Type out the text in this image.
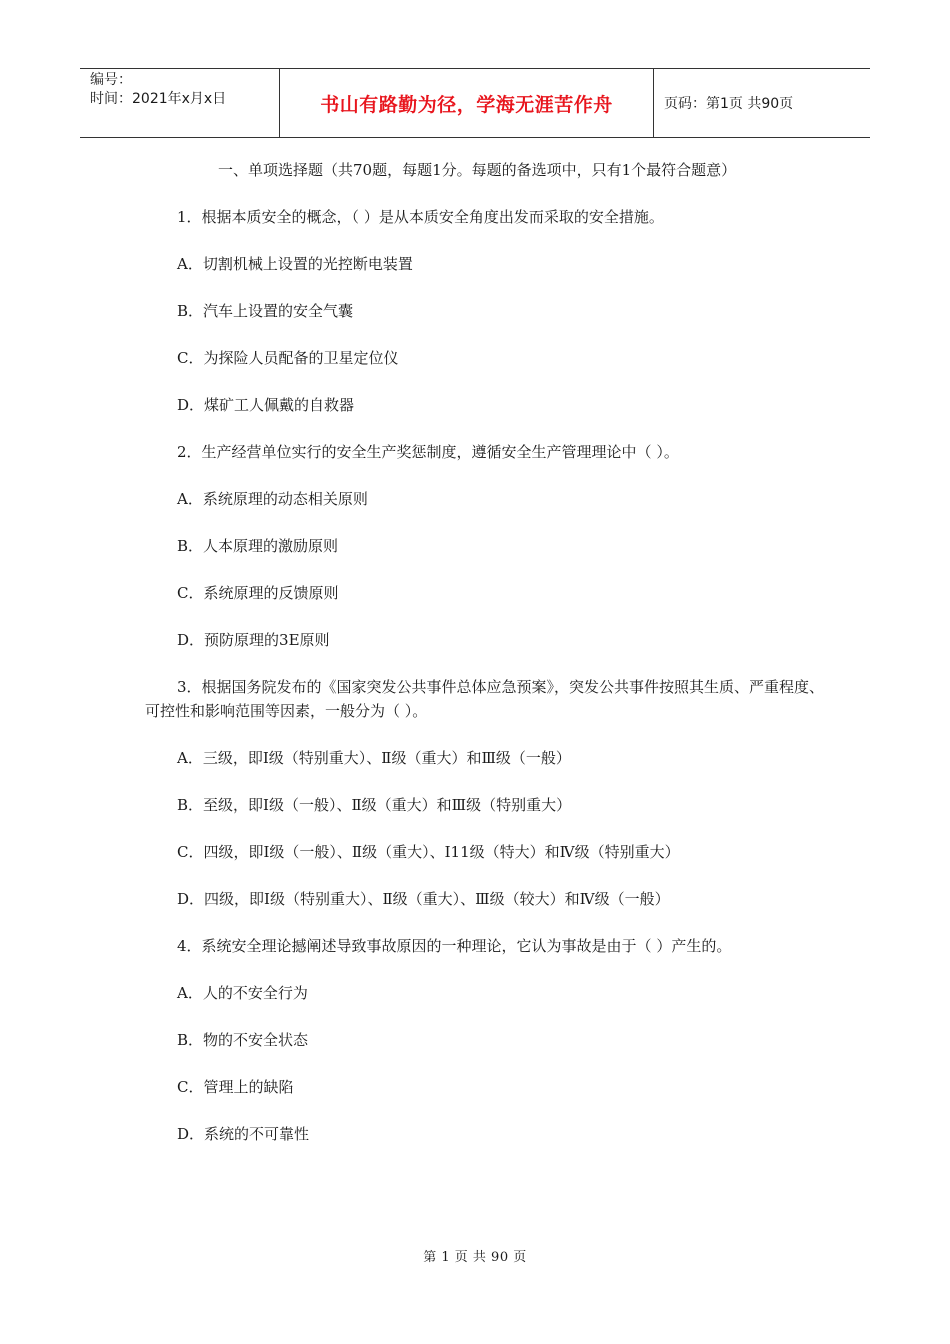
编号：
时间：2021年x月x日	书山有路勤为径，学海无涯苦作舟	页码：第1页 共90页

一、单项选择题（共70题，每题1分。每题的备选项中，只有1个最符合题意）

1．根据本质安全的概念，（ ）是从本质安全角度出发而采取的安全措施。

A．切割机械上设置的光控断电装置

B．汽车上设置的安全气囊

C．为探险人员配备的卫星定位仪

D．煤矿工人佩戴的自救器

2．生产经营单位实行的安全生产奖惩制度，遵循安全生产管理理论中（ ）。

A．系统原理的动态相关原则

B．人本原理的激励原则

C．系统原理的反馈原则

D．预防原理的3E原则

3．根据国务院发布的《国家突发公共事件总体应急预案》，突发公共事件按照其生质、严重程度、可控性和影响范围等因素，一般分为（ ）。

A．三级，即Ⅰ级（特别重大）、Ⅱ级（重大）和Ⅲ级（一般）

B．至级，即Ⅰ级（一般）、Ⅱ级（重大）和Ⅲ级（特别重大）

C．四级，即Ⅰ级（一般）、Ⅱ级（重大）、I11级（特大）和Ⅳ级（特别重大）

D．四级，即Ⅰ级（特别重大）、Ⅱ级（重大）、Ⅲ级（较大）和Ⅳ级（一般）

4．系统安全理论撼阐述导致事故原因的一种理论，它认为事故是由于（ ）产生的。

A．人的不安全行为

B．物的不安全状态

C．管理上的缺陷

D．系统的不可靠性

第 1 页 共 90 页
